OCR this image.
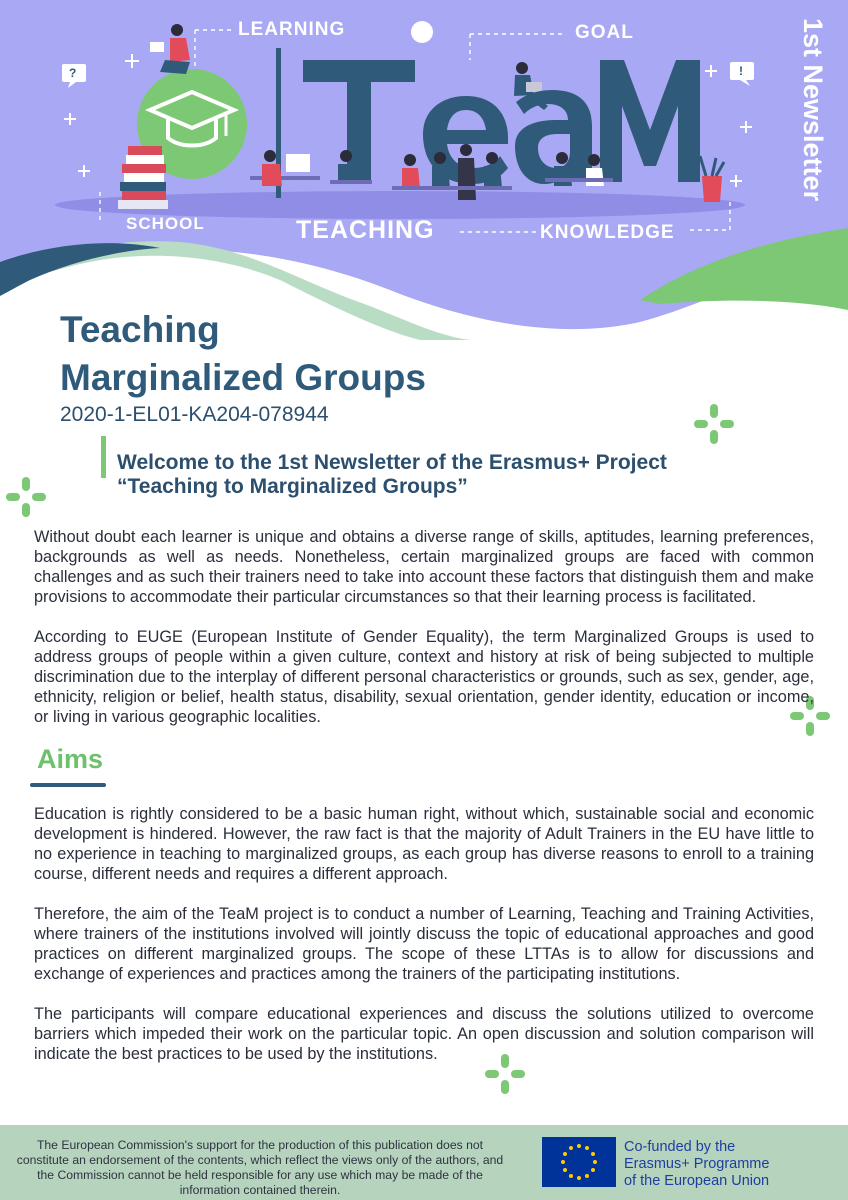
LEARNING	GOAL
SCHOOL	TEACHING	KNOWLEDGE
?	! 1st Newsletter
Teaching
Marginalized Groups
2020-1-EL01-KA204-078944
Welcome to the 1st Newsletter of the Erasmus+ Project
“Teaching to Marginalized Groups”
Without doubt each learner is unique and obtains a diverse range of skills, aptitudes, learning preferences, backgrounds as well as needs. Nonetheless, certain marginalized groups are faced with common challenges and as such their trainers need to take into account these factors that distinguish them and make provisions to accommodate their particular circumstances so that their learning process is facilitated.
According to EUGE (European Institute of Gender Equality), the term Marginalized Groups is used to address groups of people within a given culture, context and history at risk of being subjected to multiple discrimination due to the interplay of different personal characteristics or grounds, such as sex, gender, age, ethnicity, religion or belief, health status, disability, sexual orientation, gender identity, education or income, or living in various geographic localities.
Aims
Education is rightly considered to be a basic human right, without which, sustainable social and economic development is hindered. However, the raw fact is that the majority of Adult Trainers in the EU have little to no experience in teaching to marginalized groups, as each group has diverse reasons to enroll to a training course, different needs and requires a different approach.
Therefore, the aim of the TeaM project is to conduct a number of Learning, Teaching and Training Activities, where trainers of the institutions involved will jointly discuss the topic of educational approaches and good practices on different marginalized groups. The scope of these LTTAs is to allow for discussions and exchange of experiences and practices among the trainers of the participating institutions.
The participants will compare educational experiences and discuss the solutions utilized to overcome barriers which impeded their work on the particular topic. An open discussion and solution comparison will indicate the best practices to be used by the institutions.
The European Commission's support for the production of this publication does not constitute an endorsement of the contents, which reflect the views only of the authors, and the Commission cannot be held responsible for any use which may be made of the information contained therein.
Co-funded by the
Erasmus+ Programme
of the European Union
